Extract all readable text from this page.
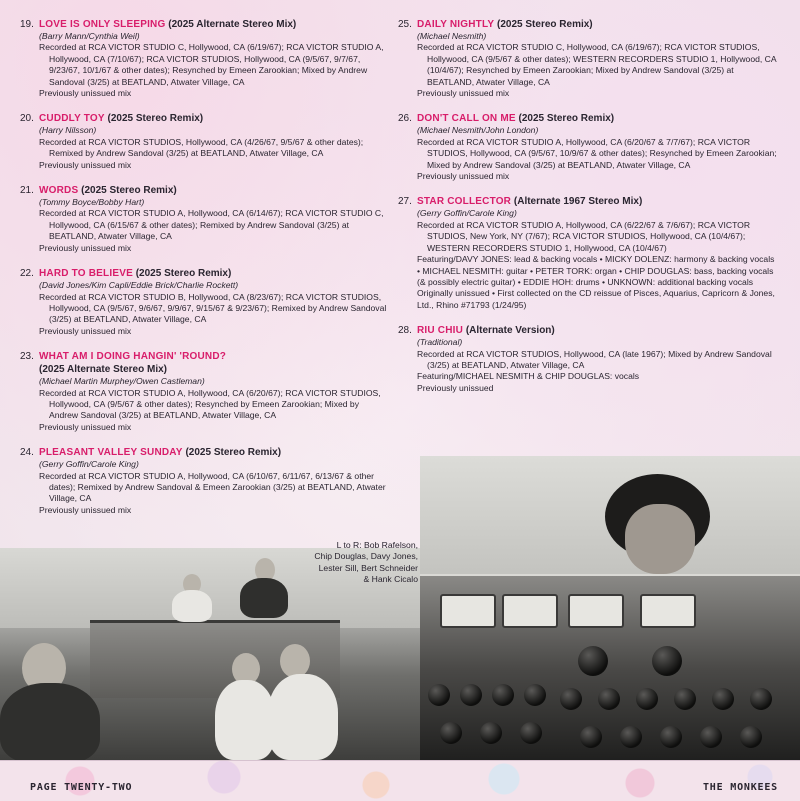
19. LOVE IS ONLY SLEEPING (2025 Alternate Stereo Mix)
(Barry Mann/Cynthia Weil)
Recorded at RCA VICTOR STUDIO C, Hollywood, CA (6/19/67); RCA VICTOR STUDIO A,
Hollywood, CA (7/10/67); RCA VICTOR STUDIOS, Hollywood, CA (9/5/67, 9/7/67, 9/23/67, 10/1/67 & other dates); Resynched by Emeen Zarookian; Mixed by Andrew Sandoval (3/25) at BEATLAND, Atwater Village, CA
Previously unissued mix
20. CUDDLY TOY (2025 Stereo Remix)
(Harry Nilsson)
Recorded at RCA VICTOR STUDIOS, Hollywood, CA (4/26/67, 9/5/67 & other dates);
Remixed by Andrew Sandoval (3/25) at BEATLAND, Atwater Village, CA
Previously unissued mix
21. WORDS (2025 Stereo Remix)
(Tommy Boyce/Bobby Hart)
Recorded at RCA VICTOR STUDIO A, Hollywood, CA (6/14/67); RCA VICTOR STUDIO C,
Hollywood, CA (6/15/67 & other dates); Remixed by Andrew Sandoval (3/25) at BEATLAND, Atwater Village, CA
Previously unissued mix
22. HARD TO BELIEVE (2025 Stereo Remix)
(David Jones/Kim Capli/Eddie Brick/Charlie Rockett)
Recorded at RCA VICTOR STUDIO B, Hollywood, CA (8/23/67); RCA VICTOR STUDIOS,
Hollywood, CA (9/5/67, 9/6/67, 9/9/67, 9/15/67 & 9/23/67); Remixed by Andrew Sandoval (3/25) at BEATLAND, Atwater Village, CA
Previously unissued mix
23. WHAT AM I DOING HANGIN' 'ROUND?
(2025 Alternate Stereo Mix)
(Michael Martin Murphey/Owen Castleman)
Recorded at RCA VICTOR STUDIO A, Hollywood, CA (6/20/67); RCA VICTOR STUDIOS,
Hollywood, CA (9/5/67 & other dates); Resynched by Emeen Zarookian; Mixed by Andrew Sandoval (3/25) at BEATLAND, Atwater Village, CA
Previously unissued mix
24. PLEASANT VALLEY SUNDAY (2025 Stereo Remix)
(Gerry Goffin/Carole King)
Recorded at RCA VICTOR STUDIO A, Hollywood, CA (6/10/67, 6/11/67, 6/13/67 & other
dates); Remixed by Andrew Sandoval & Emeen Zarookian (3/25) at BEATLAND, Atwater Village, CA
Previously unissued mix
25. DAILY NIGHTLY (2025 Stereo Remix)
(Michael Nesmith)
Recorded at RCA VICTOR STUDIO C, Hollywood, CA (6/19/67); RCA VICTOR STUDIOS,
Hollywood, CA (9/5/67 & other dates); WESTERN RECORDERS STUDIO 1, Hollywood, CA (10/4/67); Resynched by Emeen Zarookian; Mixed by Andrew Sandoval (3/25) at BEATLAND, Atwater Village, CA
Previously unissued mix
26. DON'T CALL ON ME (2025 Stereo Remix)
(Michael Nesmith/John London)
Recorded at RCA VICTOR STUDIO A, Hollywood, CA (6/20/67 & 7/7/67); RCA VICTOR
STUDIOS, Hollywood, CA (9/5/67, 10/9/67 & other dates); Resynched by Emeen Zarookian; Mixed by Andrew Sandoval (3/25) at BEATLAND, Atwater Village, CA
Previously unissued mix
27. STAR COLLECTOR (Alternate 1967 Stereo Mix)
(Gerry Goffin/Carole King)
Recorded at RCA VICTOR STUDIO A, Hollywood, CA (6/22/67 & 7/6/67); RCA VICTOR
STUDIOS, New York, NY (7/67); RCA VICTOR STUDIOS, Hollywood, CA (10/4/67); WESTERN RECORDERS STUDIO 1, Hollywood, CA (10/4/67)
Featuring/DAVY JONES: lead & backing vocals • MICKY DOLENZ: harmony & backing vocals • MICHAEL NESMITH: guitar • PETER TORK: organ • CHIP DOUGLAS: bass, backing vocals (& possibly electric guitar) • EDDIE HOH: drums • UNKNOWN: additional backing vocals
Originally unissued • First collected on the CD reissue of Pisces, Aquarius, Capricorn & Jones, Ltd., Rhino #71793 (1/24/95)
28. RIU CHIU (Alternate Version)
(Traditional)
Recorded at RCA VICTOR STUDIOS, Hollywood, CA (late 1967); Mixed by Andrew Sandoval
(3/25) at BEATLAND, Atwater Village, CA
Featuring/MICHAEL NESMITH & CHIP DOUGLAS: vocals
Previously unissued
L to R: Bob Rafelson,
Chip Douglas, Davy Jones,
Lester Sill, Bert Schneider
& Hank Cicalo
PAGE TWENTY-TWO	THE MONKEES
